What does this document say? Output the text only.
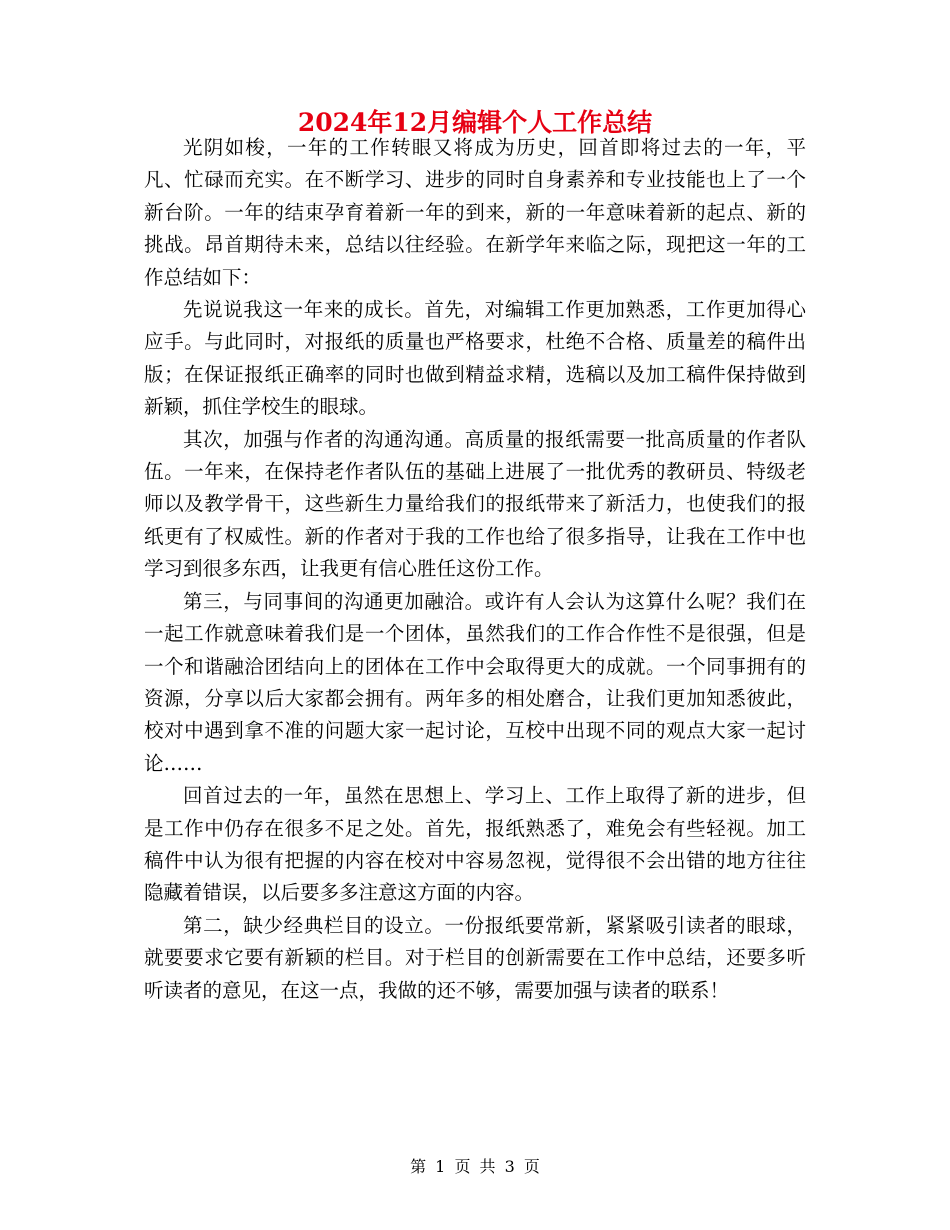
2024年12月编辑个人工作总结

光阴如梭，一年的工作转眼又将成为历史，回首即将过去的一年，平凡、忙碌而充实。在不断学习、进步的同时自身素养和专业技能也上了一个新台阶。一年的结束孕育着新一年的到来，新的一年意味着新的起点、新的挑战。昂首期待未来，总结以往经验。在新学年来临之际，现把这一年的工作总结如下：

先说说我这一年来的成长。首先，对编辑工作更加熟悉，工作更加得心应手。与此同时，对报纸的质量也严格要求，杜绝不合格、质量差的稿件出版；在保证报纸正确率的同时也做到精益求精，选稿以及加工稿件保持做到新颖，抓住学校生的眼球。

其次，加强与作者的沟通沟通。高质量的报纸需要一批高质量的作者队伍。一年来，在保持老作者队伍的基础上进展了一批优秀的教研员、特级老师以及教学骨干，这些新生力量给我们的报纸带来了新活力，也使我们的报纸更有了权威性。新的作者对于我的工作也给了很多指导，让我在工作中也学习到很多东西，让我更有信心胜任这份工作。

第三，与同事间的沟通更加融洽。或许有人会认为这算什么呢？我们在一起工作就意味着我们是一个团体，虽然我们的工作合作性不是很强，但是一个和谐融洽团结向上的团体在工作中会取得更大的成就。一个同事拥有的资源，分享以后大家都会拥有。两年多的相处磨合，让我们更加知悉彼此，校对中遇到拿不准的问题大家一起讨论，互校中出现不同的观点大家一起讨论……

回首过去的一年，虽然在思想上、学习上、工作上取得了新的进步，但是工作中仍存在很多不足之处。首先，报纸熟悉了，难免会有些轻视。加工稿件中认为很有把握的内容在校对中容易忽视，觉得很不会出错的地方往往隐藏着错误，以后要多多注意这方面的内容。

第二，缺少经典栏目的设立。一份报纸要常新，紧紧吸引读者的眼球，就要要求它要有新颖的栏目。对于栏目的创新需要在工作中总结，还要多听听读者的意见，在这一点，我做的还不够，需要加强与读者的联系！

第 1 页 共 3 页
